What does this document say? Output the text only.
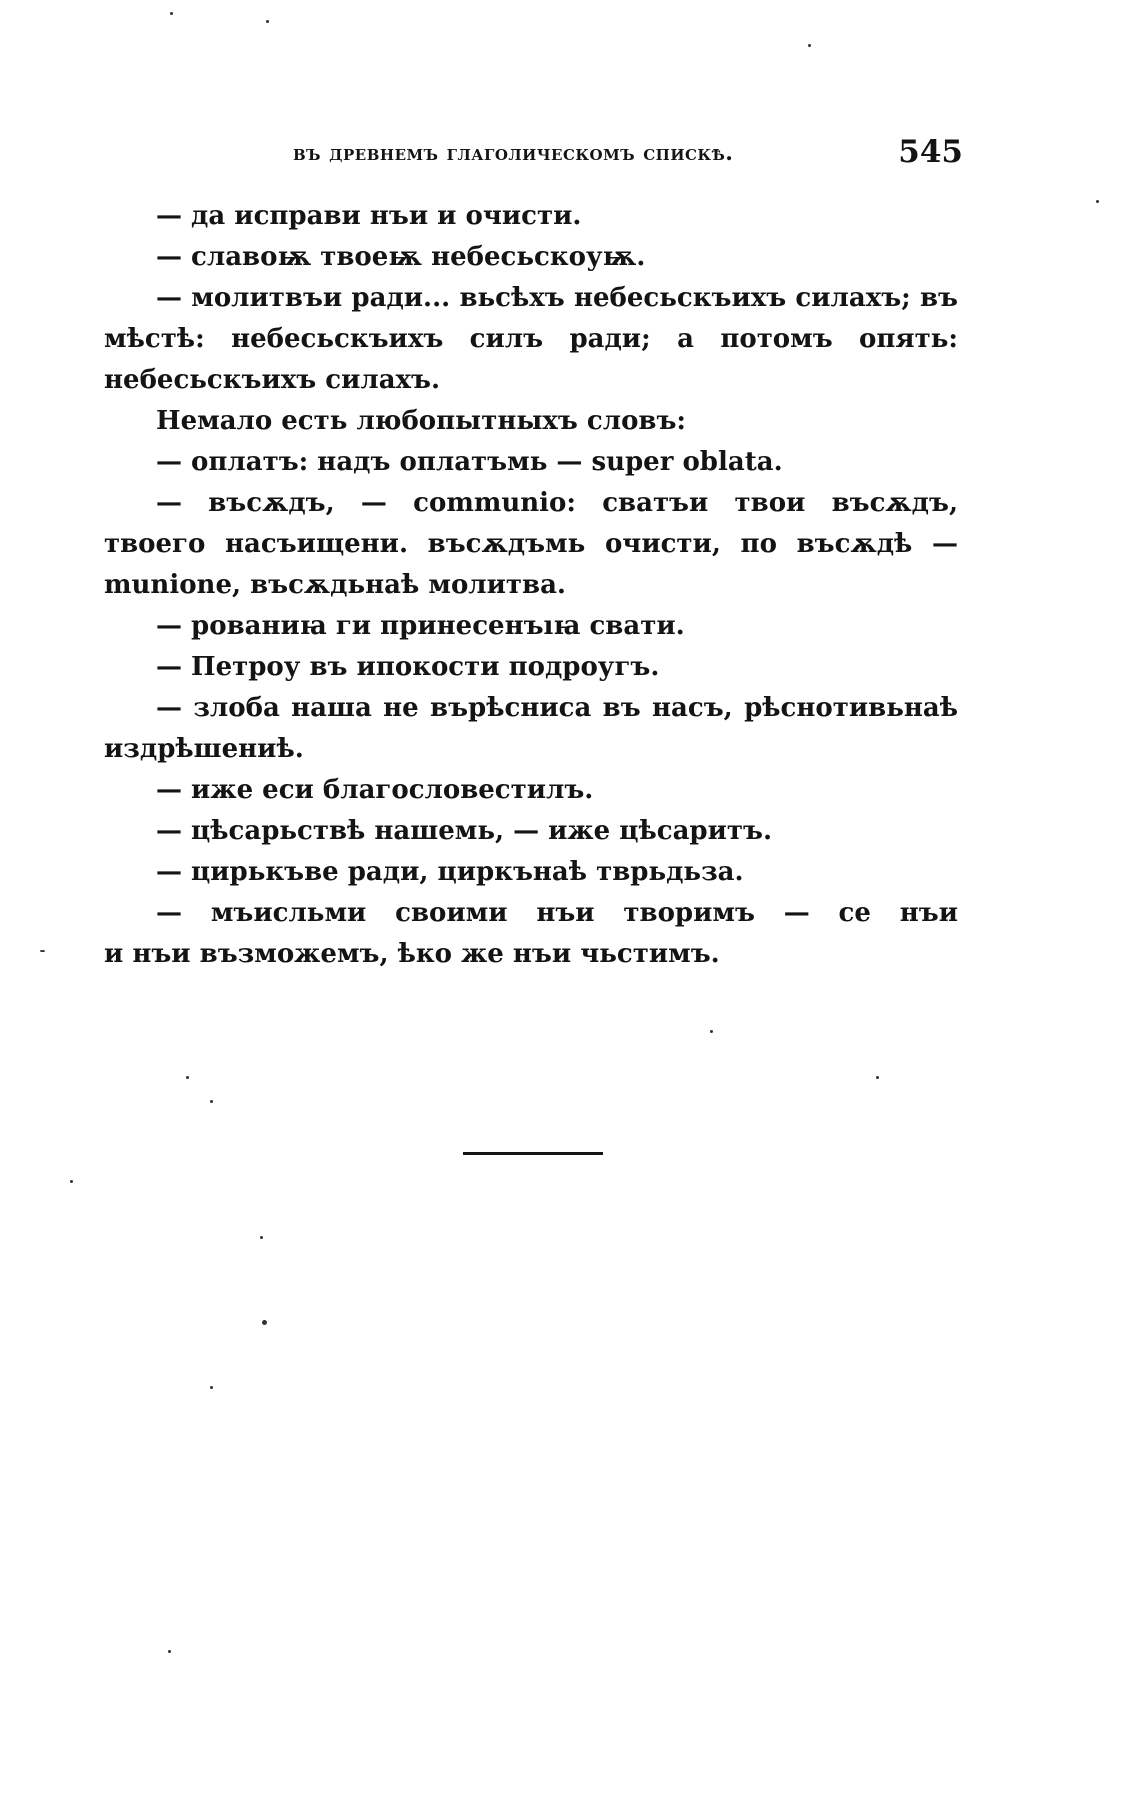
въ древнемъ глаголическомъ спискѣ.	545
— да исправи нъи и очисти.
— славоѭ твоеѭ небесьскоуѭ.
— молитвъи ради... вьсѣхъ небесьскъихъ силахъ; въ
мѣстѣ: небесьскъихъ силъ ради; а потомъ опять:
небесьскъихъ силахъ.
Немало есть любопытныхъ словъ:
— оплатъ: надъ оплатъмь — super oblata.
— въсѫдъ, — communio: сватъи твои въсѫдъ,
твоего насъищени. въсѫдъмь очисти, по въсѫдѣ —
munione, въсѫдьнаѣ молитва.
— рованиꙗ ги принесенъıꙗ свати.
— Петроу въ ипокости подроугъ.
— злоба наша не върѣсниса въ насъ, рѣснотивьнаѣ
издрѣшениѣ.
— иже еси благословестилъ.
— цѣсарьствѣ нашемь, — иже цѣсаритъ.
— цирькъве ради, циркънаѣ тврьдьза.
— мъисльми своими нъи творимъ — се нъи
и нъи възможемъ, ѣко же нъи чьстимъ.
